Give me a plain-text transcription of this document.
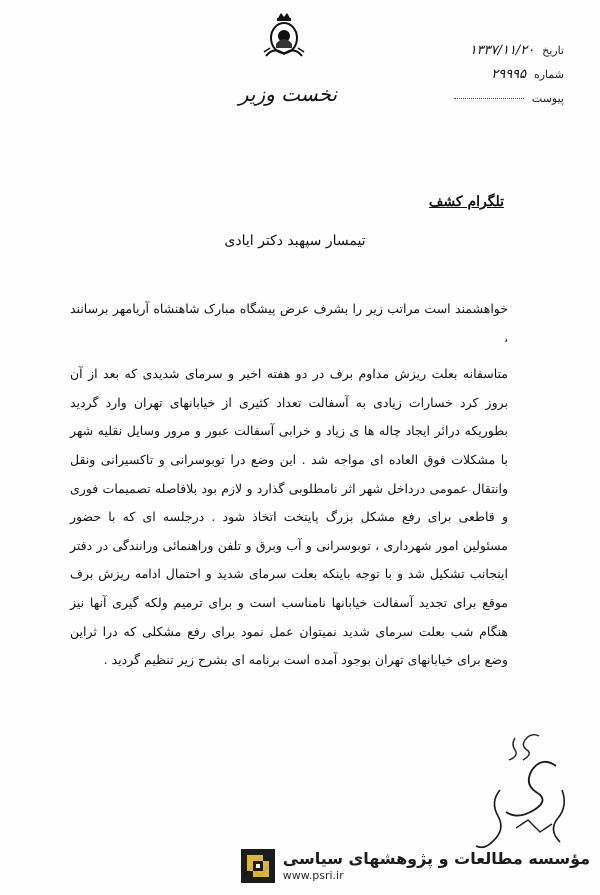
نخست وزیر
تاریخ ۱۳۳۷/۱۱/۲۰
شماره ۲۹۹۹۵
پیوست
تلگرام کشف
تیمسار سپهبد دکتر ایادی

خواهشمند است مراتب زیر را بشرف عرض پیشگاه مبارک شاهنشاه آریامهر برسانند ،

متاسفانه بعلت ریزش مداوم برف در دو هفته اخیر و سرمای شدیدی که بعد از آن بروز کرد خسارات زیادی به آسفالت تعداد کثیری از خیابانهای تهران وارد گردید بطوریکه درائر ایجاد چاله ها ی زیاد و خرابی آسفالت عبور و مرور وسایل نقلیه شهر با مشکلات فوق العاده ای مواجه شد . این وضع درا توبوسرانی و تاکسیرانی ونقل وانتقال عمومی درداخل شهر اثر نامطلوبی گذارد و لازم بود بلافاصله تصمیمات فوری و قاطعی برای رفع مشکل بزرگ پایتخت اتخاذ شود . درجلسه ای که با حضور مسئولین امور شهرداری ، توبوسرانی و آب وبرق و تلفن وراهنمائی ورانندگی در دفتر اینجانب تشکیل شد و با توجه باینکه بعلت سرمای شدید و احتمال ادامه ریزش برف موقع برای تجدید آسفالت خیابانها نامناسب است و برای ترمیم ولکه گیری آنها نیز هنگام شب بعلت سرمای شدید نمیتوان عمل نمود برای رفع مشکلی که درا ثراین وضع برای خیابانهای تهران بوجود آمده است برنامه ای بشرح زیر تنظیم گردید .

مؤسسه مطالعات و پژوهشهای سیاسی
www.psri.ir
